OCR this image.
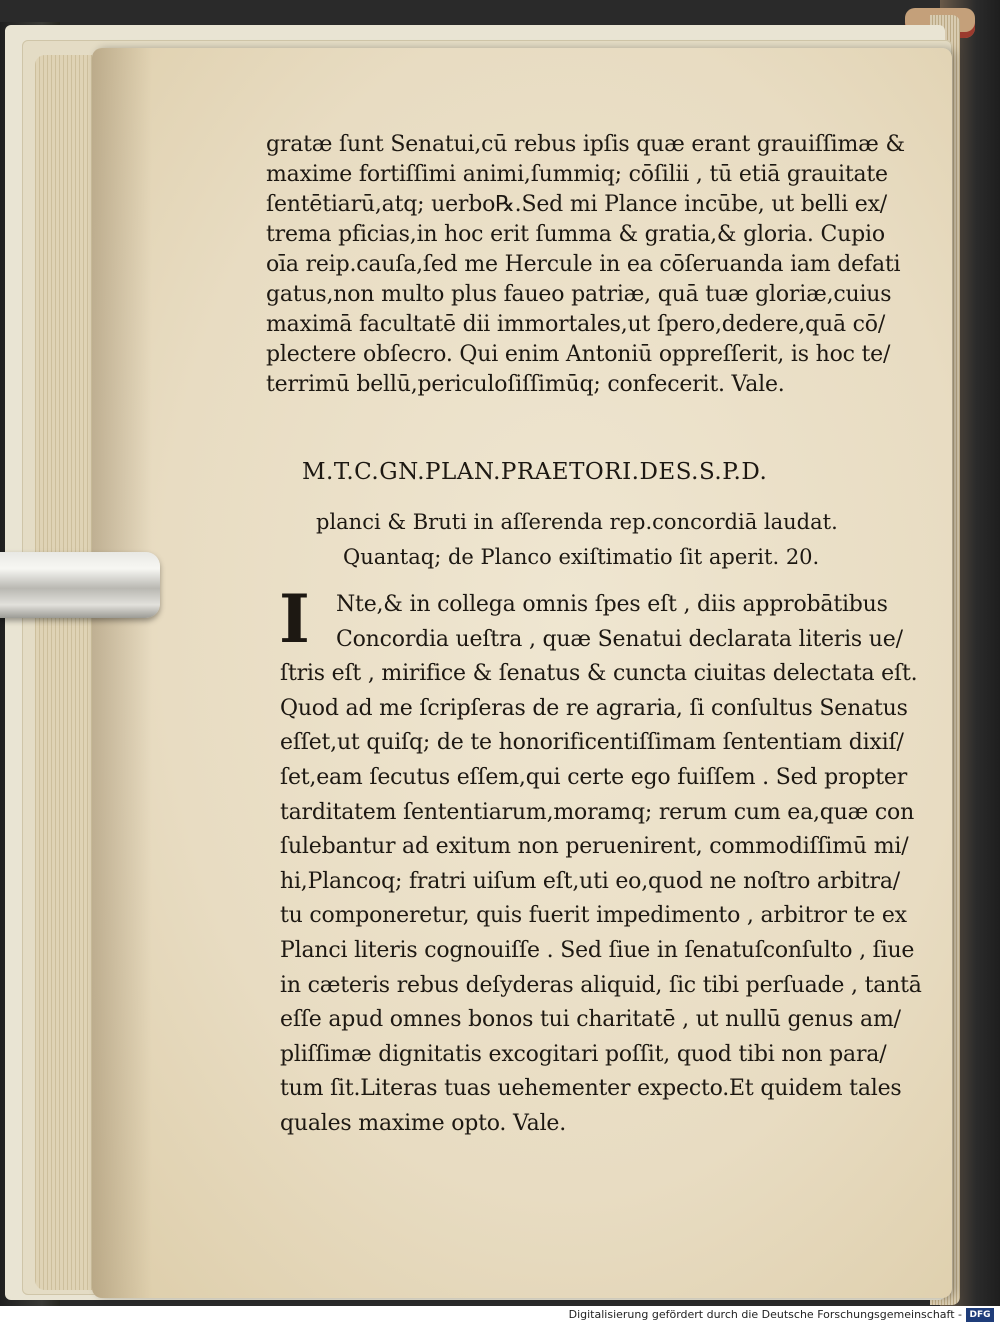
gratæ ſunt Senatui,cū rebus ipſis quæ erant grauiſſimæ &
maxime fortiſſimi animi,ſummiq; cōſilii , tū etiā grauitate
ſentētiarū,atq; uerbo℞.Sed mi Plance incūbe, ut belli ex/
trema pficias,in hoc erit ſumma & gratia,& gloria. Cupio
oīa reip.cauſa,ſed me Hercule in ea cōſeruanda iam defati
gatus,non multo plus faueo patriæ, quā tuæ gloriæ,cuius
maximā facultatē dii immortales,ut ſpero,dedere,quā cō/
plectere obſecro. Qui enim Antoniū oppreſſerit, is hoc te/
terrimū bellū,periculoſiſſimūq; confecerit. Vale.
M.T.C.GN.PLAN.PRAETORI.DES.S.P.D.
planci & Bruti in aſſerenda rep.concordiā laudat.
Quantaq; de Planco exiſtimatio ſit aperit. 20.
I	Nte,& in collega omnis ſpes eſt , diis approbātibus
Concordia ueſtra , quæ Senatui declarata literis ue/
ſtris eſt , mirifice & ſenatus & cuncta ciuitas delectata eſt.
Quod ad me ſcripſeras de re agraria, ſi conſultus Senatus
eſſet,ut quiſq; de te honorificentiſſimam ſententiam dixiſ/
ſet,eam ſecutus eſſem,qui certe ego fuiſſem . Sed propter
tarditatem ſententiarum,moramq; rerum cum ea,quæ con
ſulebantur ad exitum non peruenirent, commodiſſimū mi/
hi,Plancoq; fratri uiſum eſt,uti eo,quod ne noſtro arbitra/
tu componeretur, quis fuerit impedimento , arbitror te ex
Planci literis cognouiſſe . Sed ſiue in ſenatuſconſulto , ſiue
in cæteris rebus deſyderas aliquid, ſic tibi perſuade , tantā
eſſe apud omnes bonos tui charitatē , ut nullū genus am/
pliſſimæ dignitatis excogitari poſſit, quod tibi non para/
tum ſit.Literas tuas uehementer expecto.Et quidem tales
quales maxime opto. Vale.
Digitalisierung gefördert durch die Deutsche Forschungsgemeinschaft - DFG
